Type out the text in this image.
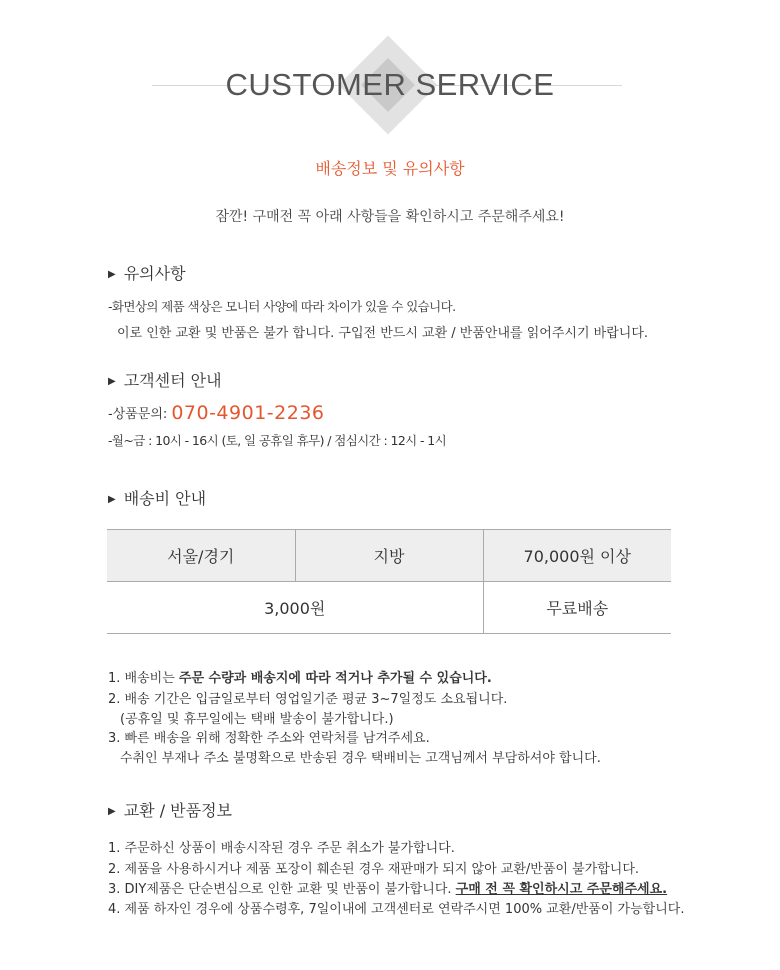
CUSTOMER SERVICE
배송정보 및 유의사항
잠깐! 구매전 꼭 아래 사항들을 확인하시고 주문해주세요!
▶ 유의사항
-화면상의 제품 색상은 모니터 사양에 따라 차이가 있을 수 있습니다.
이로 인한 교환 및 반품은 불가 합니다. 구입전 반드시 교환 / 반품안내를 읽어주시기 바랍니다.
▶ 고객센터 안내
-상품문의: 070-4901-2236
-월~금 : 10시 - 16시 (토, 일 공휴일 휴무) / 점심시간 : 12시 - 1시
▶ 배송비 안내
서울/경기	지방	70,000원 이상
3,000원		무료배송
1. 배송비는 주문 수량과 배송지에 따라 적거나 추가될 수 있습니다.
2. 배송 기간은 입금일로부터 영업일기준 평균 3~7일정도 소요됩니다.
(공휴일 및 휴무일에는 택배 발송이 불가합니다.)
3. 빠른 배송을 위해 정확한 주소와 연락처를 남겨주세요.
수취인 부재나 주소 불명확으로 반송된 경우 택배비는 고객님께서 부담하셔야 합니다.
▶ 교환 / 반품정보
1. 주문하신 상품이 배송시작된 경우 주문 취소가 불가합니다.
2. 제품을 사용하시거나 제품 포장이 훼손된 경우 재판매가 되지 않아 교환/반품이 불가합니다.
3. DIY제품은 단순변심으로 인한 교환 및 반품이 불가합니다. 구매 전 꼭 확인하시고 주문해주세요.
4. 제품 하자인 경우에 상품수령후, 7일이내에 고객센터로 연락주시면 100% 교환/반품이 가능합니다.
